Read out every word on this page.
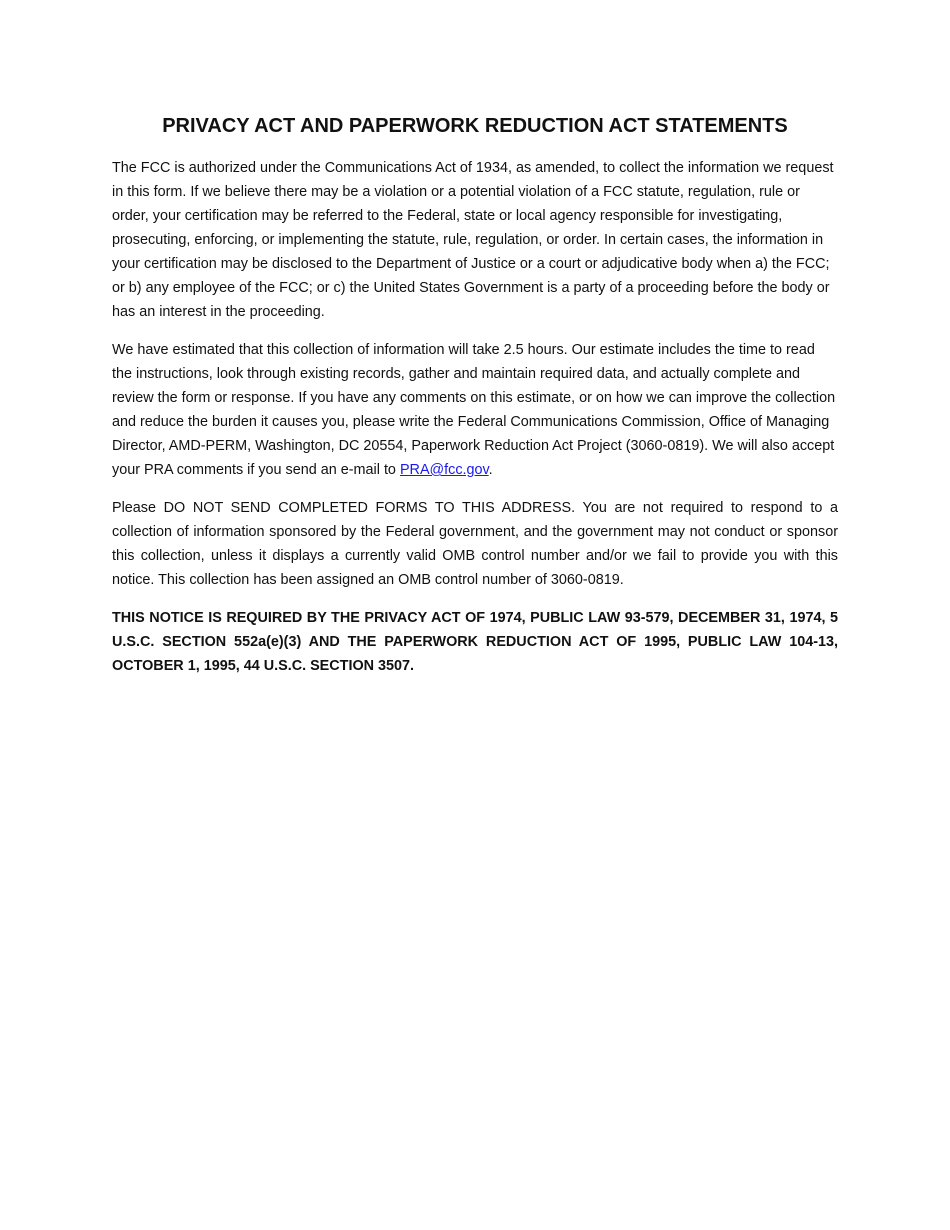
PRIVACY ACT AND PAPERWORK REDUCTION ACT STATEMENTS

The FCC is authorized under the Communications Act of 1934, as amended, to collect the information we request in this form. If we believe there may be a violation or a potential violation of a FCC statute, regulation, rule or order, your certification may be referred to the Federal, state or local agency responsible for investigating, prosecuting, enforcing, or implementing the statute, rule, regulation, or order. In certain cases, the information in your certification may be disclosed to the Department of Justice or a court or adjudicative body when a) the FCC; or b) any employee of the FCC; or c) the United States Government is a party of a proceeding before the body or has an interest in the proceeding.

We have estimated that this collection of information will take 2.5 hours. Our estimate includes the time to read the instructions, look through existing records, gather and maintain required data, and actually complete and review the form or response. If you have any comments on this estimate, or on how we can improve the collection and reduce the burden it causes you, please write the Federal Communications Commission, Office of Managing Director, AMD-PERM, Washington, DC 20554, Paperwork Reduction Act Project (3060-0819). We will also accept your PRA comments if you send an e-mail to PRA@fcc.gov.

Please DO NOT SEND COMPLETED FORMS TO THIS ADDRESS. You are not required to respond to a collection of information sponsored by the Federal government, and the government may not conduct or sponsor this collection, unless it displays a currently valid OMB control number and/or we fail to provide you with this notice. This collection has been assigned an OMB control number of 3060-0819.

THIS NOTICE IS REQUIRED BY THE PRIVACY ACT OF 1974, PUBLIC LAW 93-579, DECEMBER 31, 1974, 5 U.S.C. SECTION 552a(e)(3) AND THE PAPERWORK REDUCTION ACT OF 1995, PUBLIC LAW 104-13, OCTOBER 1, 1995, 44 U.S.C. SECTION 3507.
